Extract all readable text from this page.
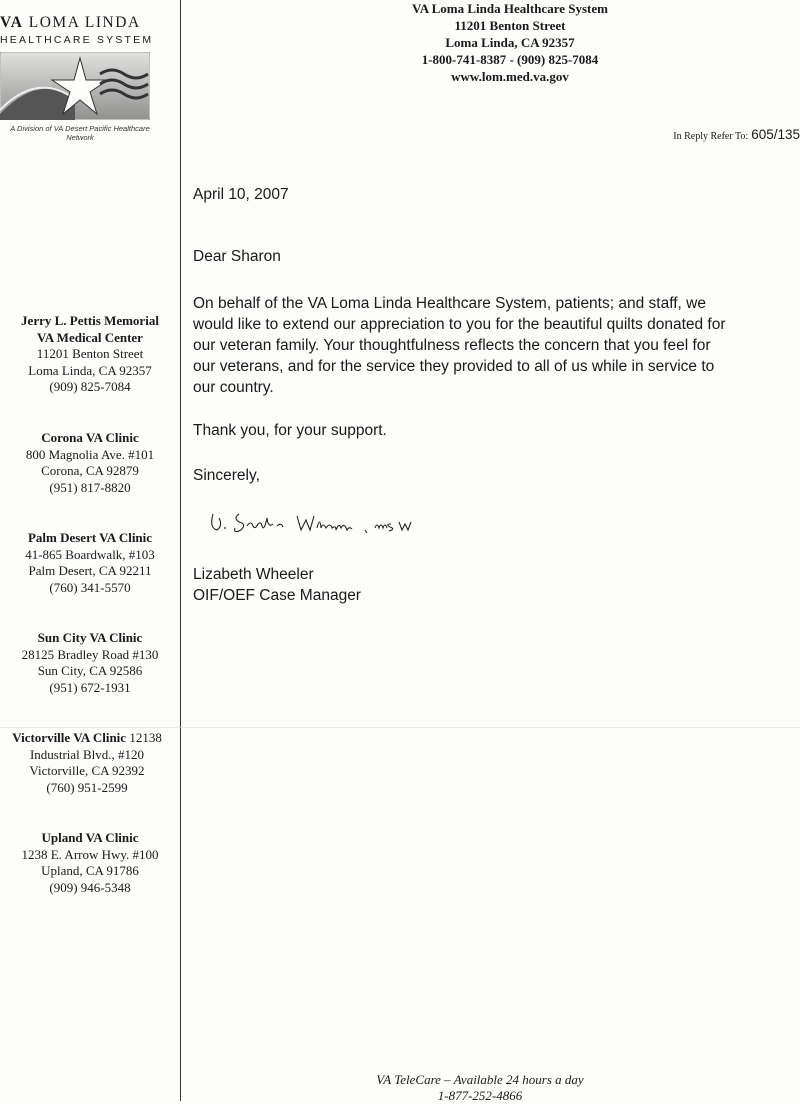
VA LOMA LINDA
HEALTHCARE SYSTEM
A Division of VA Desert Pacific Healthcare Network
Jerry L. Pettis Memorial
VA Medical Center
11201 Benton Street
Loma Linda, CA 92357
(909) 825-7084
Corona VA Clinic
800 Magnolia Ave. #101
Corona, CA 92879
(951) 817-8820
Palm Desert VA Clinic
41-865 Boardwalk, #103
Palm Desert, CA 92211
(760) 341-5570
Sun City VA Clinic
28125 Bradley Road #130
Sun City, CA 92586
(951) 672-1931
Victorville VA Clinic 12138
Industrial Blvd., #120
Victorville, CA 92392
(760) 951-2599
Upland VA Clinic
1238 E. Arrow Hwy. #100
Upland, CA 91786
(909) 946-5348
VA Loma Linda Healthcare System
11201 Benton Street
Loma Linda, CA 92357
1-800-741-8387 - (909) 825-7084
www.lom.med.va.gov
In Reply Refer To: 605/135
April 10, 2007
Dear Sharon
On behalf of the VA Loma Linda Healthcare System, patients; and staff, we
would like to extend our appreciation to you for the beautiful quilts donated for
our veteran family. Your thoughtfulness reflects the concern that you feel for
our veterans, and for the service they provided to all of us while in service to
our country.
Thank you, for your support.
Sincerely,
Lizabeth Wheeler
OIF/OEF Case Manager
VA TeleCare – Available 24 hours a day
1-877-252-4866
